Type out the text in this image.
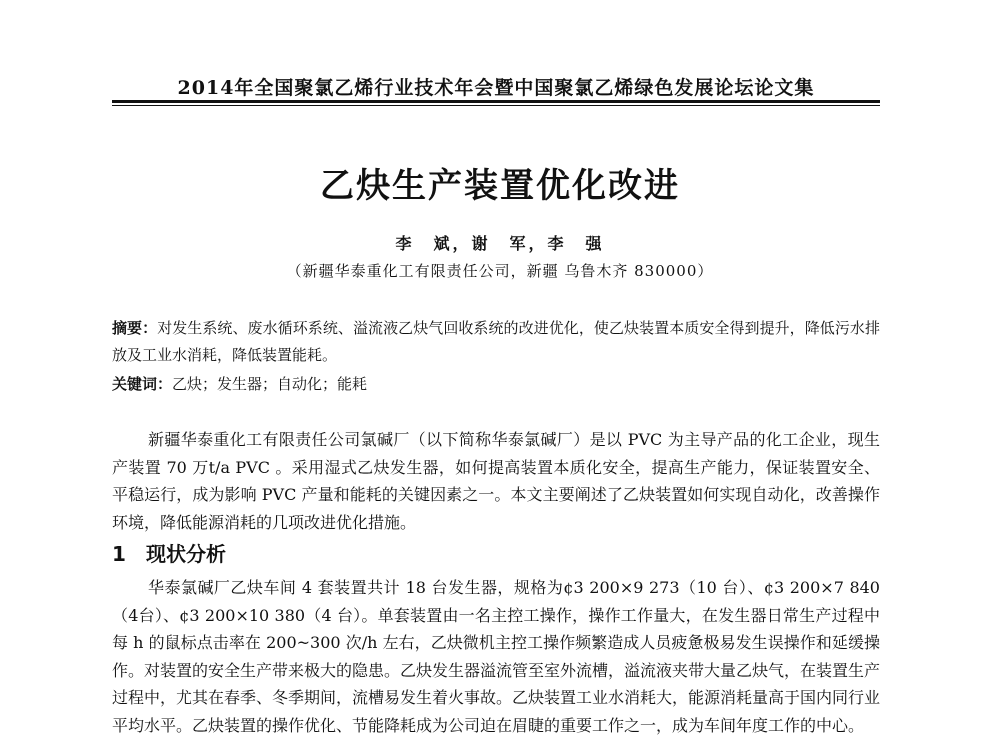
2014年全国聚氯乙烯行业技术年会暨中国聚氯乙烯绿色发展论坛论文集
乙炔生产装置优化改进
李　斌，谢　军，李　强
（新疆华泰重化工有限责任公司，新疆 乌鲁木齐 830000）
摘要：对发生系统、废水循环系统、溢流液乙炔气回收系统的改进优化，使乙炔装置本质安全得到提升，降低污水排放及工业水消耗，降低装置能耗。
关键词：乙炔；发生器；自动化；能耗
新疆华泰重化工有限责任公司氯碱厂（以下简称华泰氯碱厂）是以 PVC 为主导产品的化工企业，现生产装置 70 万t/a PVC 。采用湿式乙炔发生器，如何提高装置本质化安全，提高生产能力，保证装置安全、平稳运行，成为影响 PVC 产量和能耗的关键因素之一。本文主要阐述了乙炔装置如何实现自动化，改善操作环境，降低能源消耗的几项改进优化措施。
1 现状分析
华泰氯碱厂乙炔车间 4 套装置共计 18 台发生器，规格为¢3 200×9 273（10 台）、¢3 200×7 840（4台）、¢3 200×10 380（4 台）。单套装置由一名主控工操作，操作工作量大，在发生器日常生产过程中每 h 的鼠标点击率在 200~300 次/h 左右，乙炔微机主控工操作频繁造成人员疲惫极易发生误操作和延缓操作。对装置的安全生产带来极大的隐患。乙炔发生器溢流管至室外流槽，溢流液夹带大量乙炔气，在装置生产过程中，尤其在春季、冬季期间，流槽易发生着火事故。乙炔装置工业水消耗大，能源消耗量高于国内同行业平均水平。乙炔装置的操作优化、节能降耗成为公司迫在眉睫的重要工作之一，成为车间年度工作的中心。
